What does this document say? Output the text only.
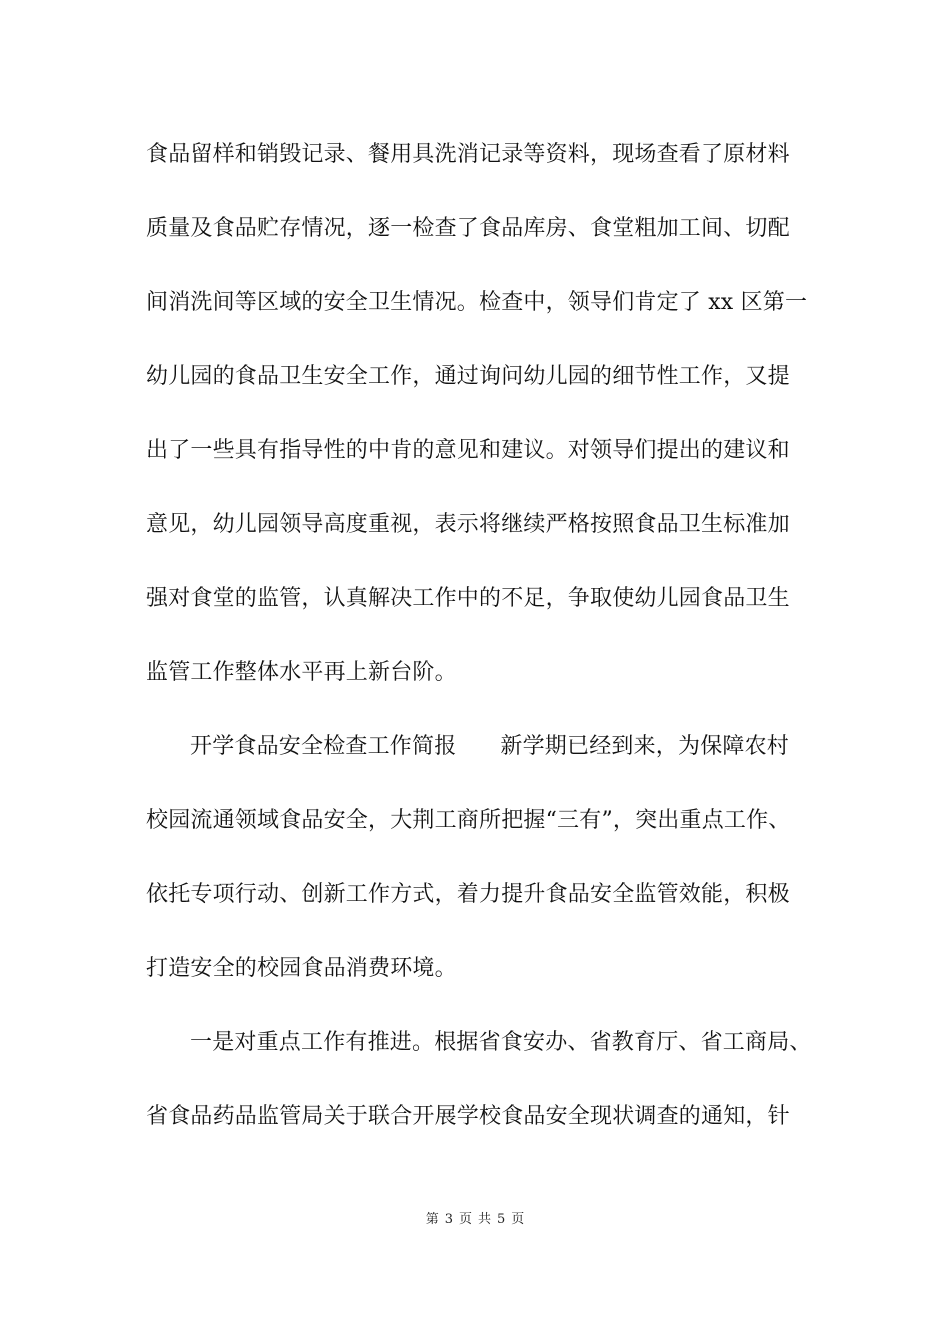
食品留样和销毁记录、餐用具洗消记录等资料，现场查看了原材料
质量及食品贮存情况，逐一检查了食品库房、食堂粗加工间、切配
间消洗间等区域的安全卫生情况。检查中，领导们肯定了 xx 区第一
幼儿园的食品卫生安全工作，通过询问幼儿园的细节性工作，又提
出了一些具有指导性的中肯的意见和建议。对领导们提出的建议和
意见，幼儿园领导高度重视，表示将继续严格按照食品卫生标准加
强对食堂的监管，认真解决工作中的不足，争取使幼儿园食品卫生
监管工作整体水平再上新台阶。
开学食品安全检查工作简报 新学期已经到来，为保障农村
校园流通领域食品安全，大荆工商所把握“三有”，突出重点工作、
依托专项行动、创新工作方式，着力提升食品安全监管效能，积极
打造安全的校园食品消费环境。
一是对重点工作有推进。根据省食安办、省教育厅、省工商局、
省食品药品监管局关于联合开展学校食品安全现状调查的通知，针
第 3 页 共 5 页
